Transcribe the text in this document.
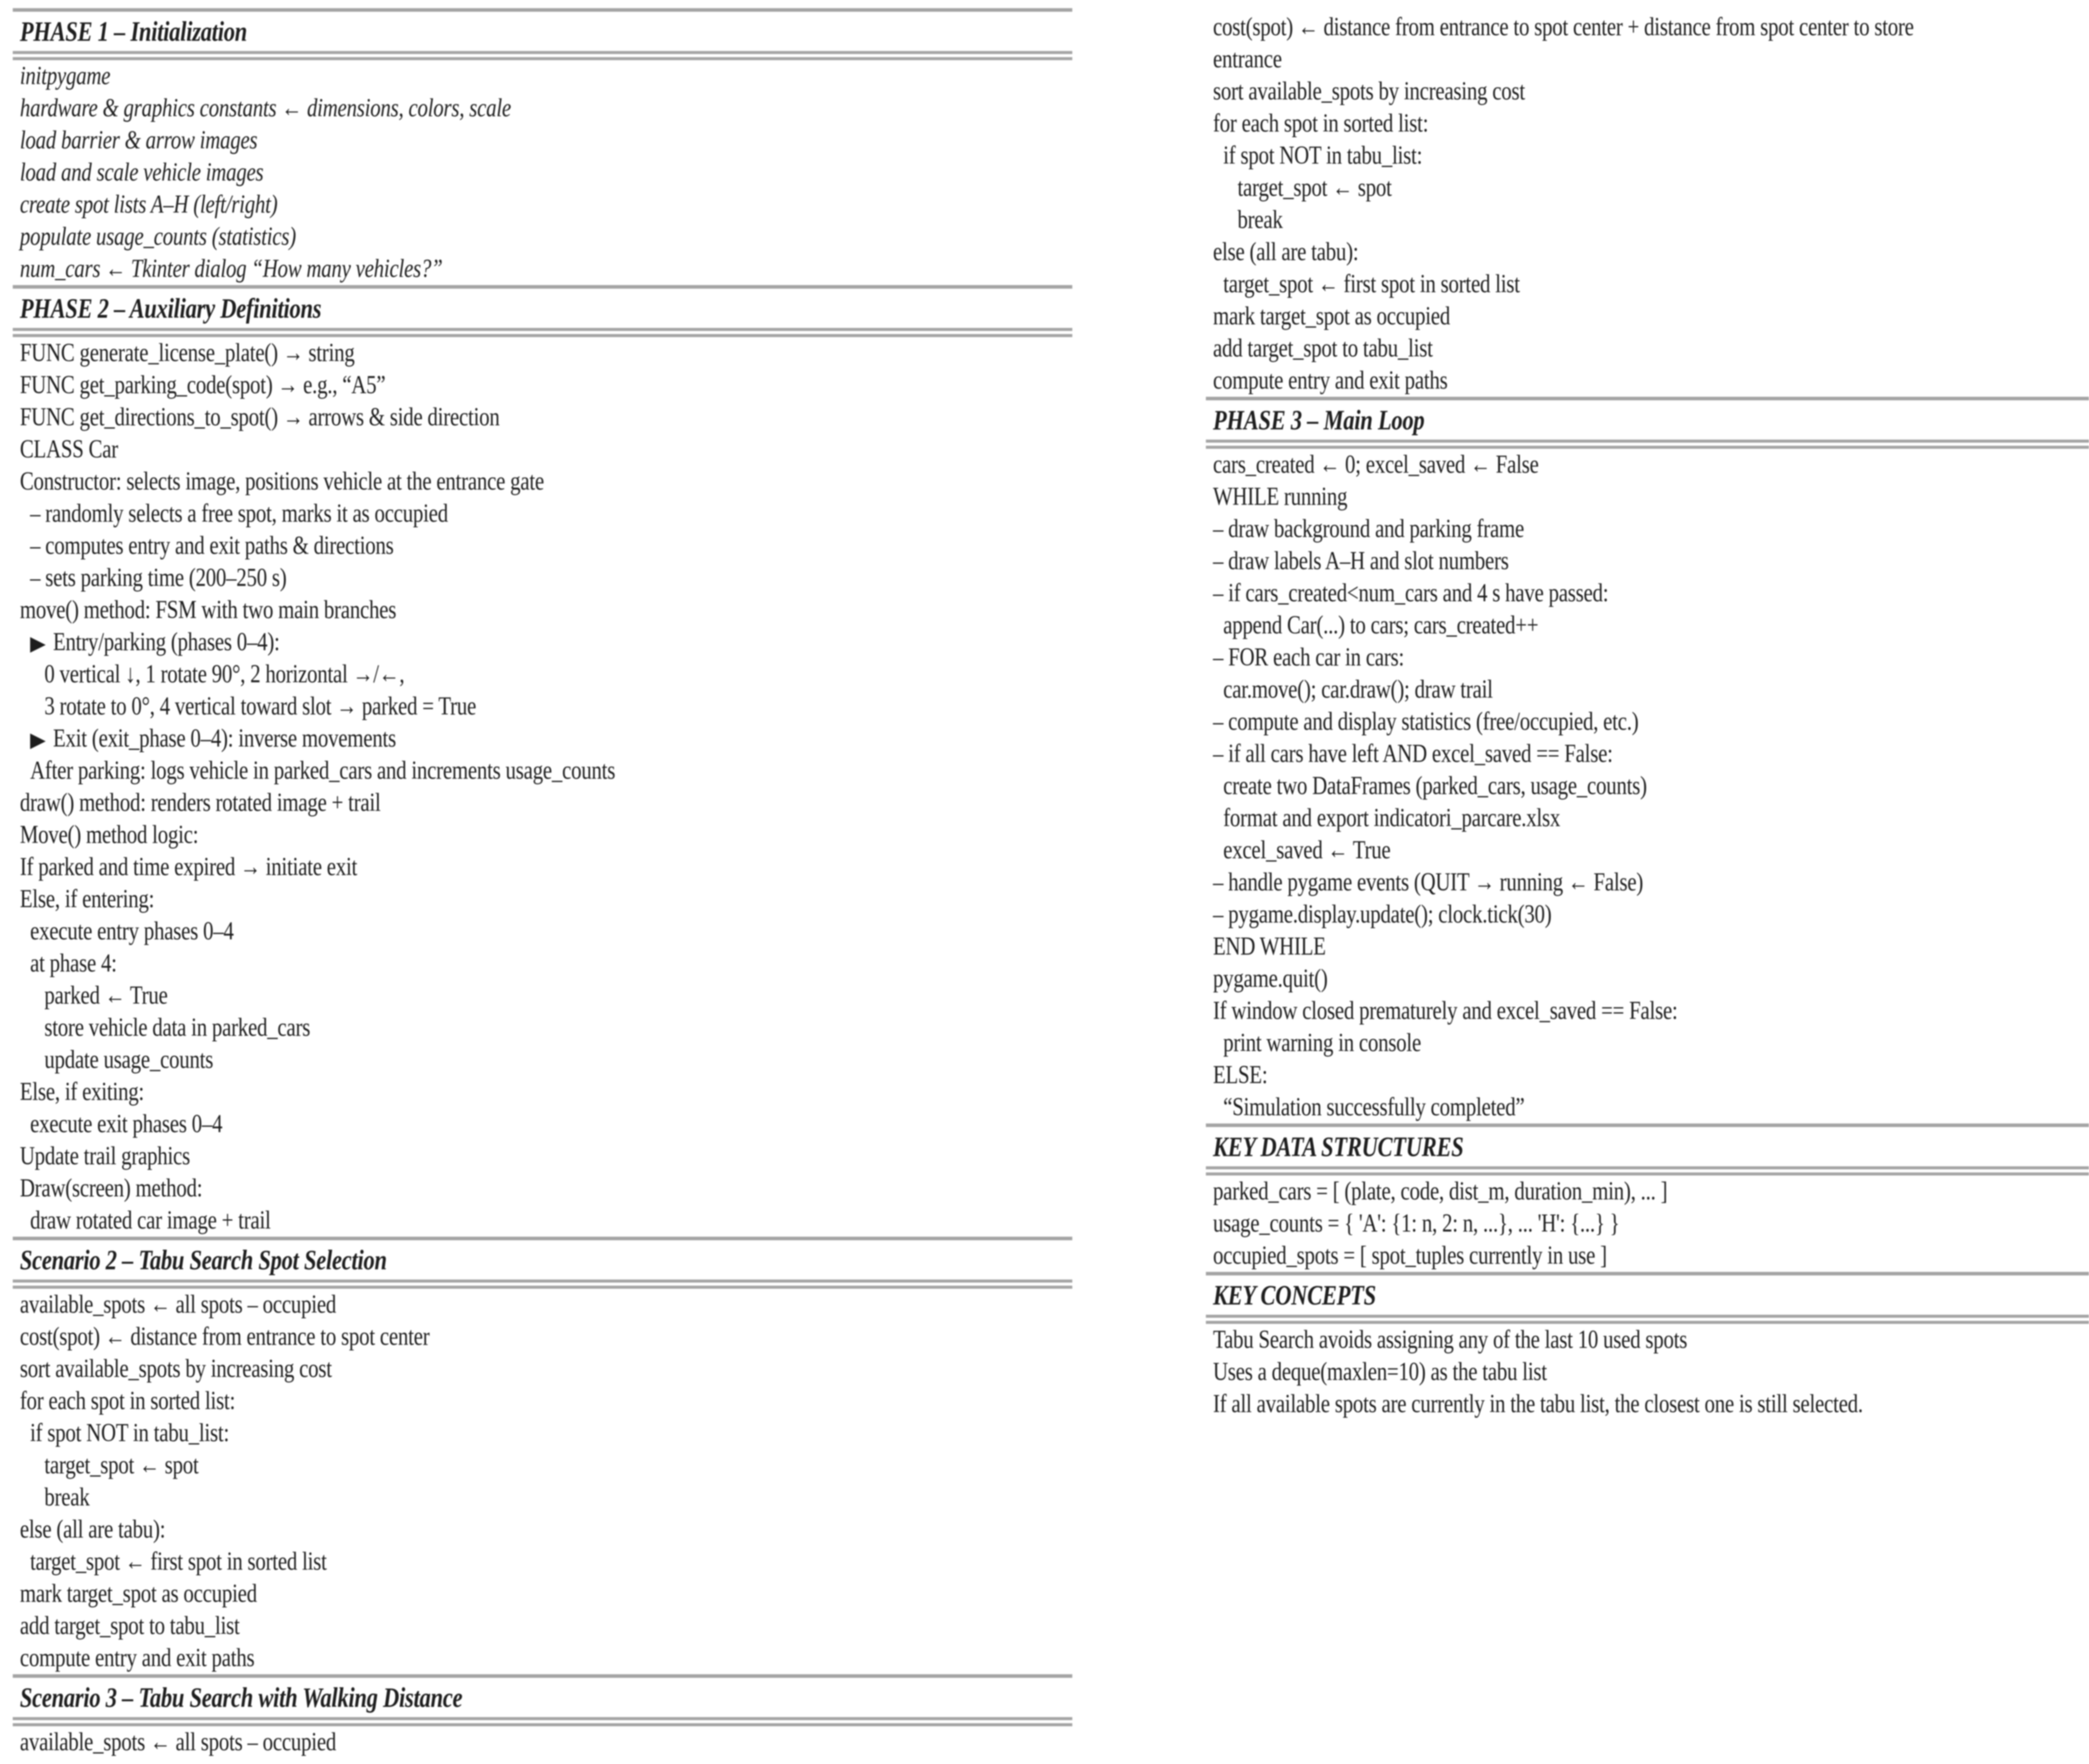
PHASE 1 – Initialization
initpygame
hardware & graphics constants ← dimensions, colors, scale
load barrier & arrow images
load and scale vehicle images
create spot lists A–H (left/right)
populate usage_counts (statistics)
num_cars ← Tkinter dialog “How many vehicles?”
PHASE 2 – Auxiliary Definitions
FUNC generate_license_plate() → string
FUNC get_parking_code(spot) → e.g., “A5”
FUNC get_directions_to_spot() → arrows & side direction
CLASS Car
Constructor: selects image, positions vehicle at the entrance gate
– randomly selects a free spot, marks it as occupied
– computes entry and exit paths & directions
– sets parking time (200–250 s)
move() method: FSM with two main branches
▶ Entry/parking (phases 0–4):
0 vertical ↓, 1 rotate 90°, 2 horizontal →/←,
3 rotate to 0°, 4 vertical toward slot → parked = True
▶ Exit (exit_phase 0–4): inverse movements
After parking: logs vehicle in parked_cars and increments usage_counts
draw() method: renders rotated image + trail
Move() method logic:
If parked and time expired → initiate exit
Else, if entering:
execute entry phases 0–4
at phase 4:
parked ← True
store vehicle data in parked_cars
update usage_counts
Else, if exiting:
execute exit phases 0–4
Update trail graphics
Draw(screen) method:
draw rotated car image + trail
Scenario 2 – Tabu Search Spot Selection
available_spots ← all spots – occupied
cost(spot) ← distance from entrance to spot center
sort available_spots by increasing cost
for each spot in sorted list:
if spot NOT in tabu_list:
target_spot ← spot
break
else (all are tabu):
target_spot ← first spot in sorted list
mark target_spot as occupied
add target_spot to tabu_list
compute entry and exit paths
Scenario 3 – Tabu Search with Walking Distance
available_spots ← all spots – occupied
cost(spot) ← distance from entrance to spot center + distance from spot center to store
entrance
sort available_spots by increasing cost
for each spot in sorted list:
if spot NOT in tabu_list:
target_spot ← spot
break
else (all are tabu):
target_spot ← first spot in sorted list
mark target_spot as occupied
add target_spot to tabu_list
compute entry and exit paths
PHASE 3 – Main Loop
cars_created ← 0; excel_saved ← False
WHILE running
– draw background and parking frame
– draw labels A–H and slot numbers
– if cars_created<num_cars and 4 s have passed:
append Car(...) to cars; cars_created++
– FOR each car in cars:
car.move(); car.draw(); draw trail
– compute and display statistics (free/occupied, etc.)
– if all cars have left AND excel_saved == False:
create two DataFrames (parked_cars, usage_counts)
format and export indicatori_parcare.xlsx
excel_saved ← True
– handle pygame events (QUIT → running ← False)
– pygame.display.update(); clock.tick(30)
END WHILE
pygame.quit()
If window closed prematurely and excel_saved == False:
print warning in console
ELSE:
“Simulation successfully completed”
KEY DATA STRUCTURES
parked_cars = [ (plate, code, dist_m, duration_min), ... ]
usage_counts = { 'A': {1: n, 2: n, ...}, ... 'H': {...} }
occupied_spots = [ spot_tuples currently in use ]
KEY CONCEPTS
Tabu Search avoids assigning any of the last 10 used spots
Uses a deque(maxlen=10) as the tabu list
If all available spots are currently in the tabu list, the closest one is still selected.
